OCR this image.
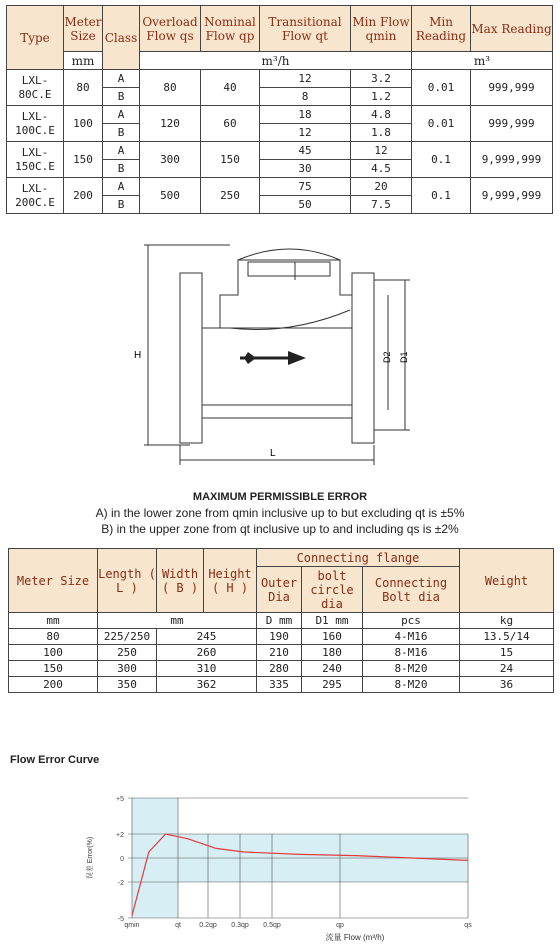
Type	Meter Size	Class	Overload Flow qs	Nominal Flow qp	Transitional Flow qt	Min Flow qmin	Min Reading	Max Reading
	mm		m³/h				m³	
LXL-80C.E	80	A	80	40	12	3.2	0.01	999,999
		B			8	1.2		
LXL-100C.E	100	A	120	60	18	4.8	0.01	999,999
		B			12	1.8		
LXL-150C.E	150	A	300	150	45	12	0.1	9,999,999
		B			30	4.5		
LXL-200C.E	200	A	500	250	75	20	0.1	9,999,999
		B			50	7.5		
H
L
D2 D1
MAXIMUM PERMISSIBLE ERROR
A) in the lower zone from qmin inclusive up to but excluding qt is ±5%
B) in the upper zone from qt inclusive up to and including qs is ±2%
Meter Size	Length ( L )	Width ( B )	Height ( H )	Connecting flange			Weight
				Outer Dia	bolt circle dia	Connecting Bolt dia	
mm	mm			D mm	D1 mm	pcs	kg
80	225/250	245		190	160	4-M16	13.5/14
100	250	260		210	180	8-M16	15
150	300	310		280	240	8-M20	24
200	350	362		335	295	8-M20	36
Flow Error Curve
+5
+2
0
-2
-5
qmin	qt	0.2qp 0.3qp 0.5qp	qp	qs
误差 Error(%)
流量 Flow (m³/h)
